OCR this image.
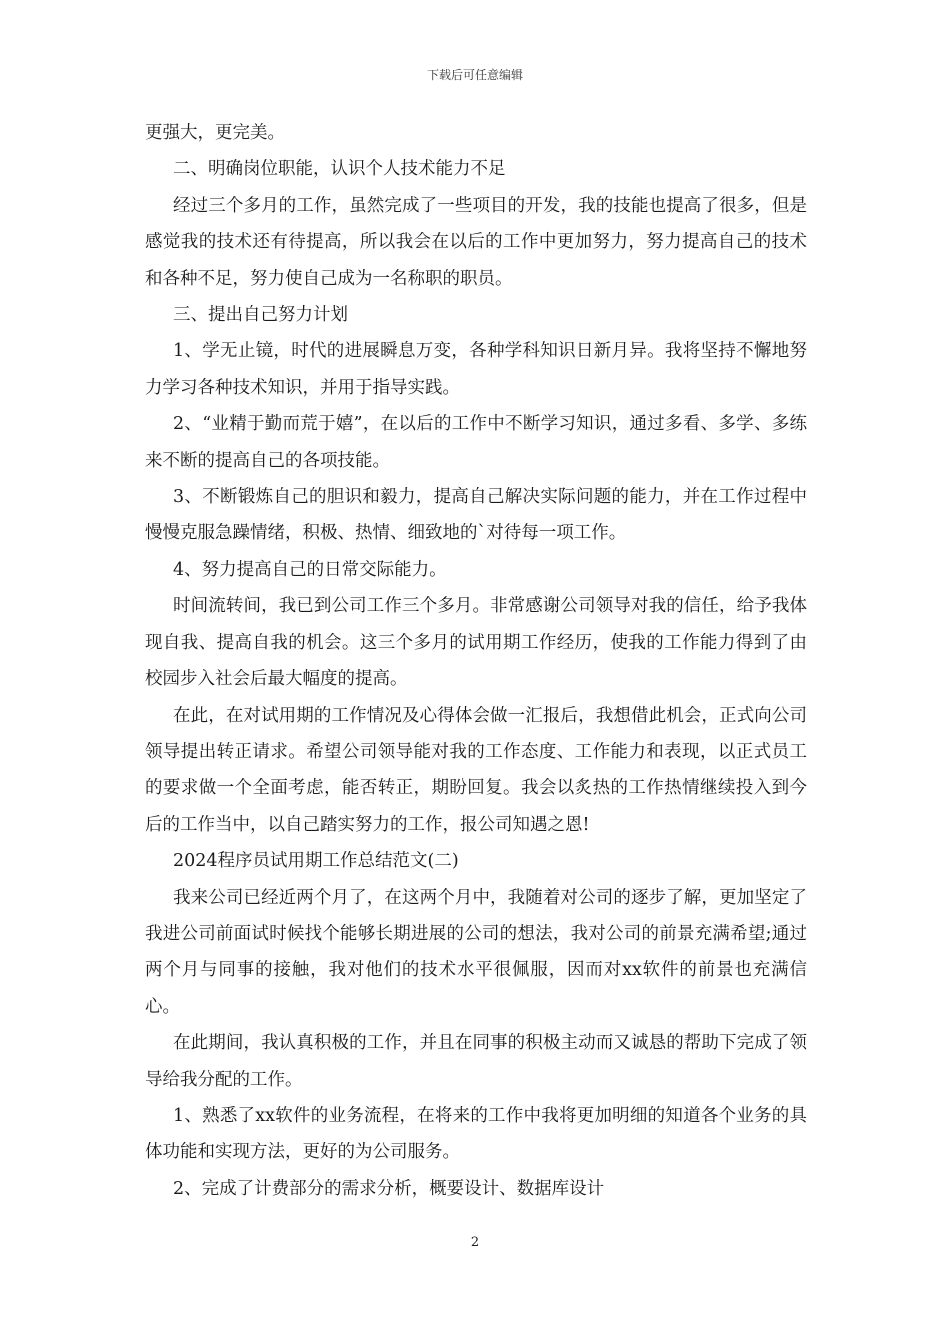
下载后可任意编辑

更强大，更完美。

二、明确岗位职能，认识个人技术能力不足

经过三个多月的工作，虽然完成了一些项目的开发，我的技能也提高了很多，但是感觉我的技术还有待提高，所以我会在以后的工作中更加努力，努力提高自己的技术和各种不足，努力使自己成为一名称职的职员。

三、提出自己努力计划

1、学无止镜，时代的进展瞬息万变，各种学科知识日新月异。我将坚持不懈地努力学习各种技术知识，并用于指导实践。

2、“业精于勤而荒于嬉”，在以后的工作中不断学习知识，通过多看、多学、多练来不断的提高自己的各项技能。

3、不断锻炼自己的胆识和毅力，提高自己解决实际问题的能力，并在工作过程中慢慢克服急躁情绪，积极、热情、细致地的`对待每一项工作。

4、努力提高自己的日常交际能力。

时间流转间，我已到公司工作三个多月。非常感谢公司领导对我的信任，给予我体现自我、提高自我的机会。这三个多月的试用期工作经历，使我的工作能力得到了由校园步入社会后最大幅度的提高。

在此，在对试用期的工作情况及心得体会做一汇报后，我想借此机会，正式向公司领导提出转正请求。希望公司领导能对我的工作态度、工作能力和表现，以正式员工的要求做一个全面考虑，能否转正，期盼回复。我会以炙热的工作热情继续投入到今后的工作当中，以自己踏实努力的工作，报公司知遇之恩!

2024程序员试用期工作总结范文(二)

我来公司已经近两个月了，在这两个月中，我随着对公司的逐步了解，更加坚定了我进公司前面试时候找个能够长期进展的公司的想法，我对公司的前景充满希望;通过两个月与同事的接触，我对他们的技术水平很佩服，因而对xx软件的前景也充满信心。

在此期间，我认真积极的工作，并且在同事的积极主动而又诚恳的帮助下完成了领导给我分配的工作。

1、熟悉了xx软件的业务流程，在将来的工作中我将更加明细的知道各个业务的具体功能和实现方法，更好的为公司服务。

2、完成了计费部分的需求分析，概要设计、数据库设计

2
